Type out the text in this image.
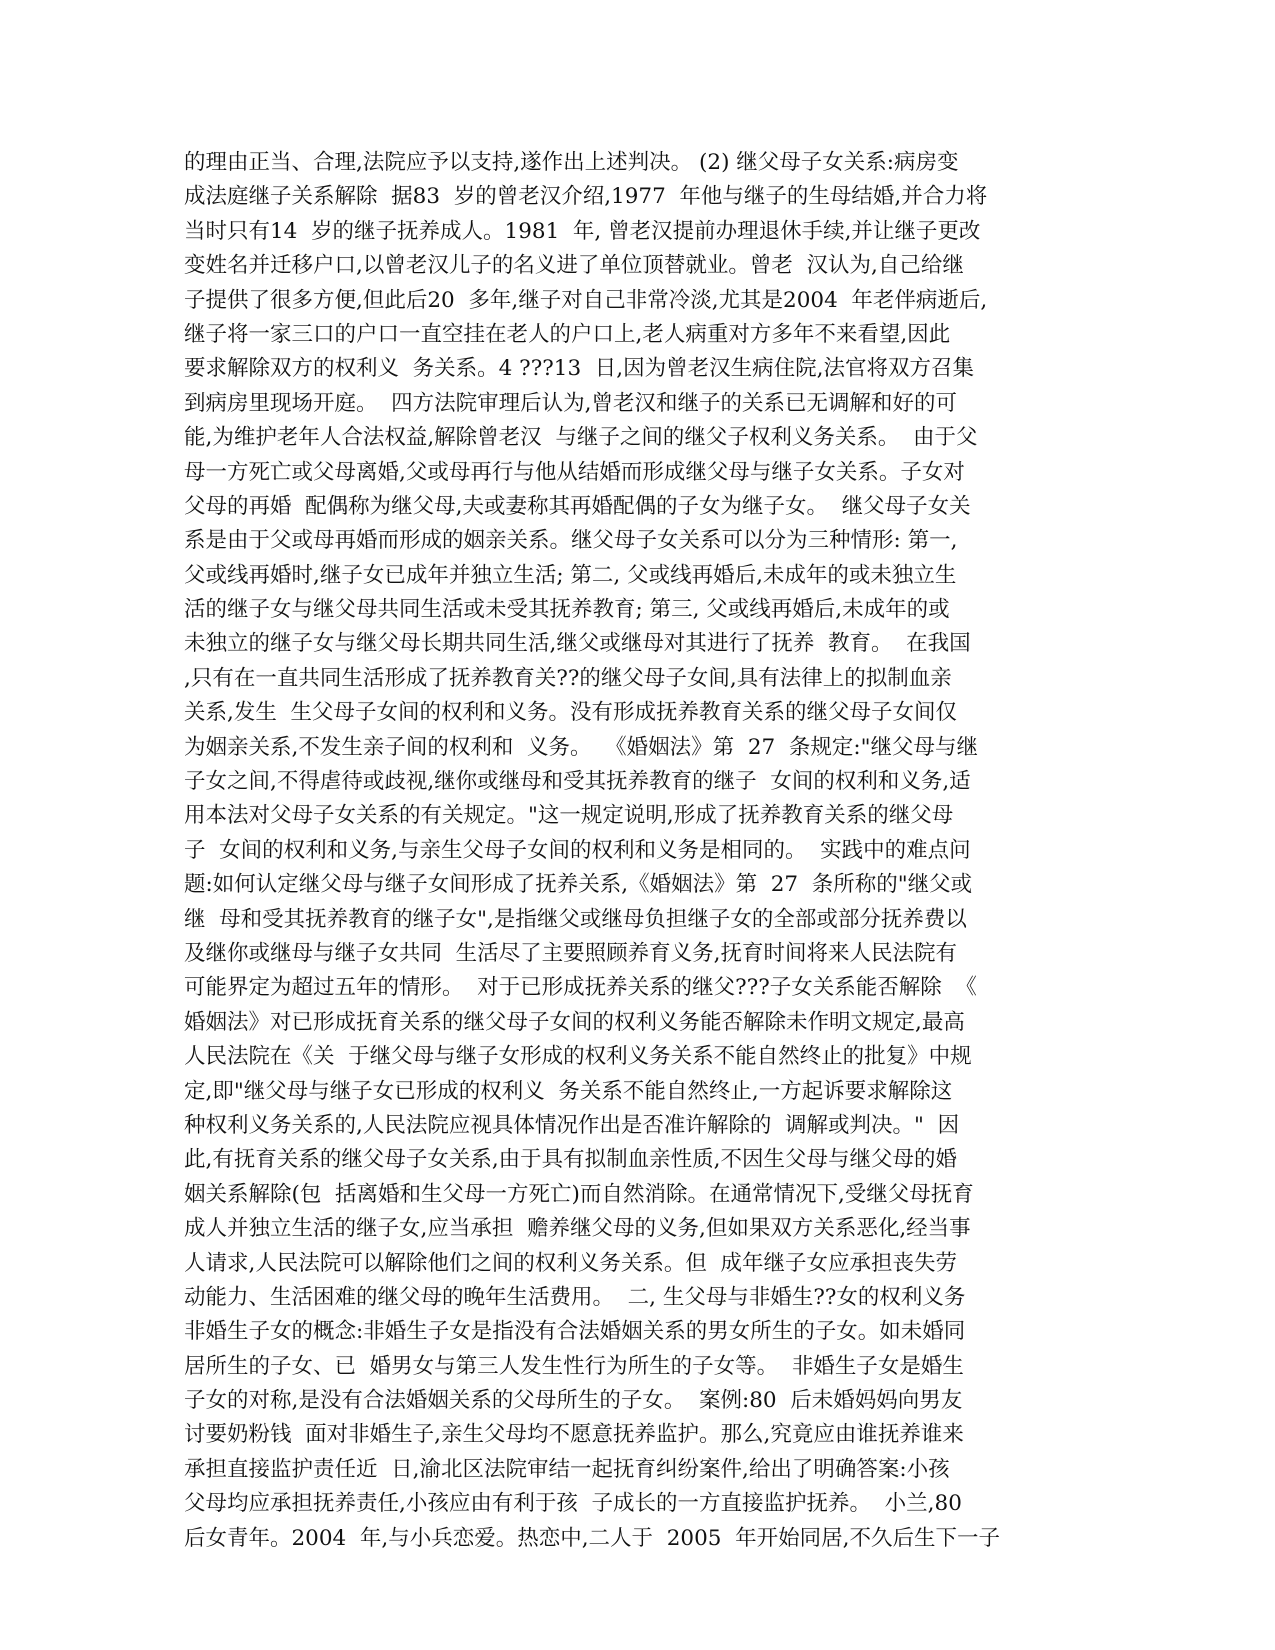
的理由正当、合理,法院应予以支持,遂作出上述判决。 (2) 继父母子女关系:病房变
成法庭继子关系解除  据83  岁的曾老汉介绍,1977  年他与继子的生母结婚,并合力将
当时只有14  岁的继子抚养成人。1981  年, 曾老汉提前办理退休手续,并让继子更改
变姓名并迁移户口,以曾老汉儿子的名义进了单位顶替就业。曾老  汉认为,自己给继
子提供了很多方便,但此后20  多年,继子对自己非常冷淡,尤其是2004  年老伴病逝后,
继子将一家三口的户口一直空挂在老人的户口上,老人病重对方多年不来看望,因此
要求解除双方的权利义  务关系。4 ???13  日,因为曾老汉生病住院,法官将双方召集
到病房里现场开庭。  四方法院审理后认为,曾老汉和继子的关系已无调解和好的可
能,为维护老年人合法权益,解除曾老汉  与继子之间的继父子权利义务关系。  由于父
母一方死亡或父母离婚,父或母再行与他从结婚而形成继父母与继子女关系。子女对
父母的再婚  配偶称为继父母,夫或妻称其再婚配偶的子女为继子女。  继父母子女关
系是由于父或母再婚而形成的姻亲关系。继父母子女关系可以分为三种情形: 第一,
父或线再婚时,继子女已成年并独立生活; 第二, 父或线再婚后,未成年的或未独立生
活的继子女与继父母共同生活或未受其抚养教育; 第三, 父或线再婚后,未成年的或
未独立的继子女与继父母长期共同生活,继父或继母对其进行了抚养  教育。  在我国
,只有在一直共同生活形成了抚养教育关??的继父母子女间,具有法律上的拟制血亲
关系,发生  生父母子女间的权利和义务。没有形成抚养教育关系的继父母子女间仅
为姻亲关系,不发生亲子间的权利和  义务。  《婚姻法》第  27  条规定:"继父母与继
子女之间,不得虐待或歧视,继你或继母和受其抚养教育的继子  女间的权利和义务,适
用本法对父母子女关系的有关规定。"这一规定说明,形成了抚养教育关系的继父母
子  女间的权利和义务,与亲生父母子女间的权利和义务是相同的。  实践中的难点问
题:如何认定继父母与继子女间形成了抚养关系,《婚姻法》第  27  条所称的"继父或
继  母和受其抚养教育的继子女",是指继父或继母负担继子女的全部或部分抚养费以
及继你或继母与继子女共同  生活尽了主要照顾养育义务,抚育时间将来人民法院有
可能界定为超过五年的情形。  对于已形成抚养关系的继父???子女关系能否解除  《
婚姻法》对已形成抚育关系的继父母子女间的权利义务能否解除未作明文规定,最高
人民法院在《关  于继父母与继子女形成的权利义务关系不能自然终止的批复》中规
定,即"继父母与继子女已形成的权利义  务关系不能自然终止,一方起诉要求解除这
种权利义务关系的,人民法院应视具体情况作出是否准许解除的  调解或判决。"  因
此,有抚育关系的继父母子女关系,由于具有拟制血亲性质,不因生父母与继父母的婚
姻关系解除(包  括离婚和生父母一方死亡)而自然消除。在通常情况下,受继父母抚育
成人并独立生活的继子女,应当承担  赡养继父母的义务,但如果双方关系恶化,经当事
人请求,人民法院可以解除他们之间的权利义务关系。但  成年继子女应承担丧失劳
动能力、生活困难的继父母的晚年生活费用。  二, 生父母与非婚生??女的权利义务
非婚生子女的概念:非婚生子女是指没有合法婚姻关系的男女所生的子女。如未婚同
居所生的子女、已  婚男女与第三人发生性行为所生的子女等。  非婚生子女是婚生
子女的对称,是没有合法婚姻关系的父母所生的子女。  案例:80  后未婚妈妈向男友
讨要奶粉钱  面对非婚生子,亲生父母均不愿意抚养监护。那么,究竟应由谁抚养谁来
承担直接监护责任近  日,渝北区法院审结一起抚育纠纷案件,给出了明确答案:小孩
父母均应承担抚养责任,小孩应由有利于孩  子成长的一方直接监护抚养。  小兰,80
后女青年。2004  年,与小兵恋爱。热恋中,二人于  2005  年开始同居,不久后生下一子
